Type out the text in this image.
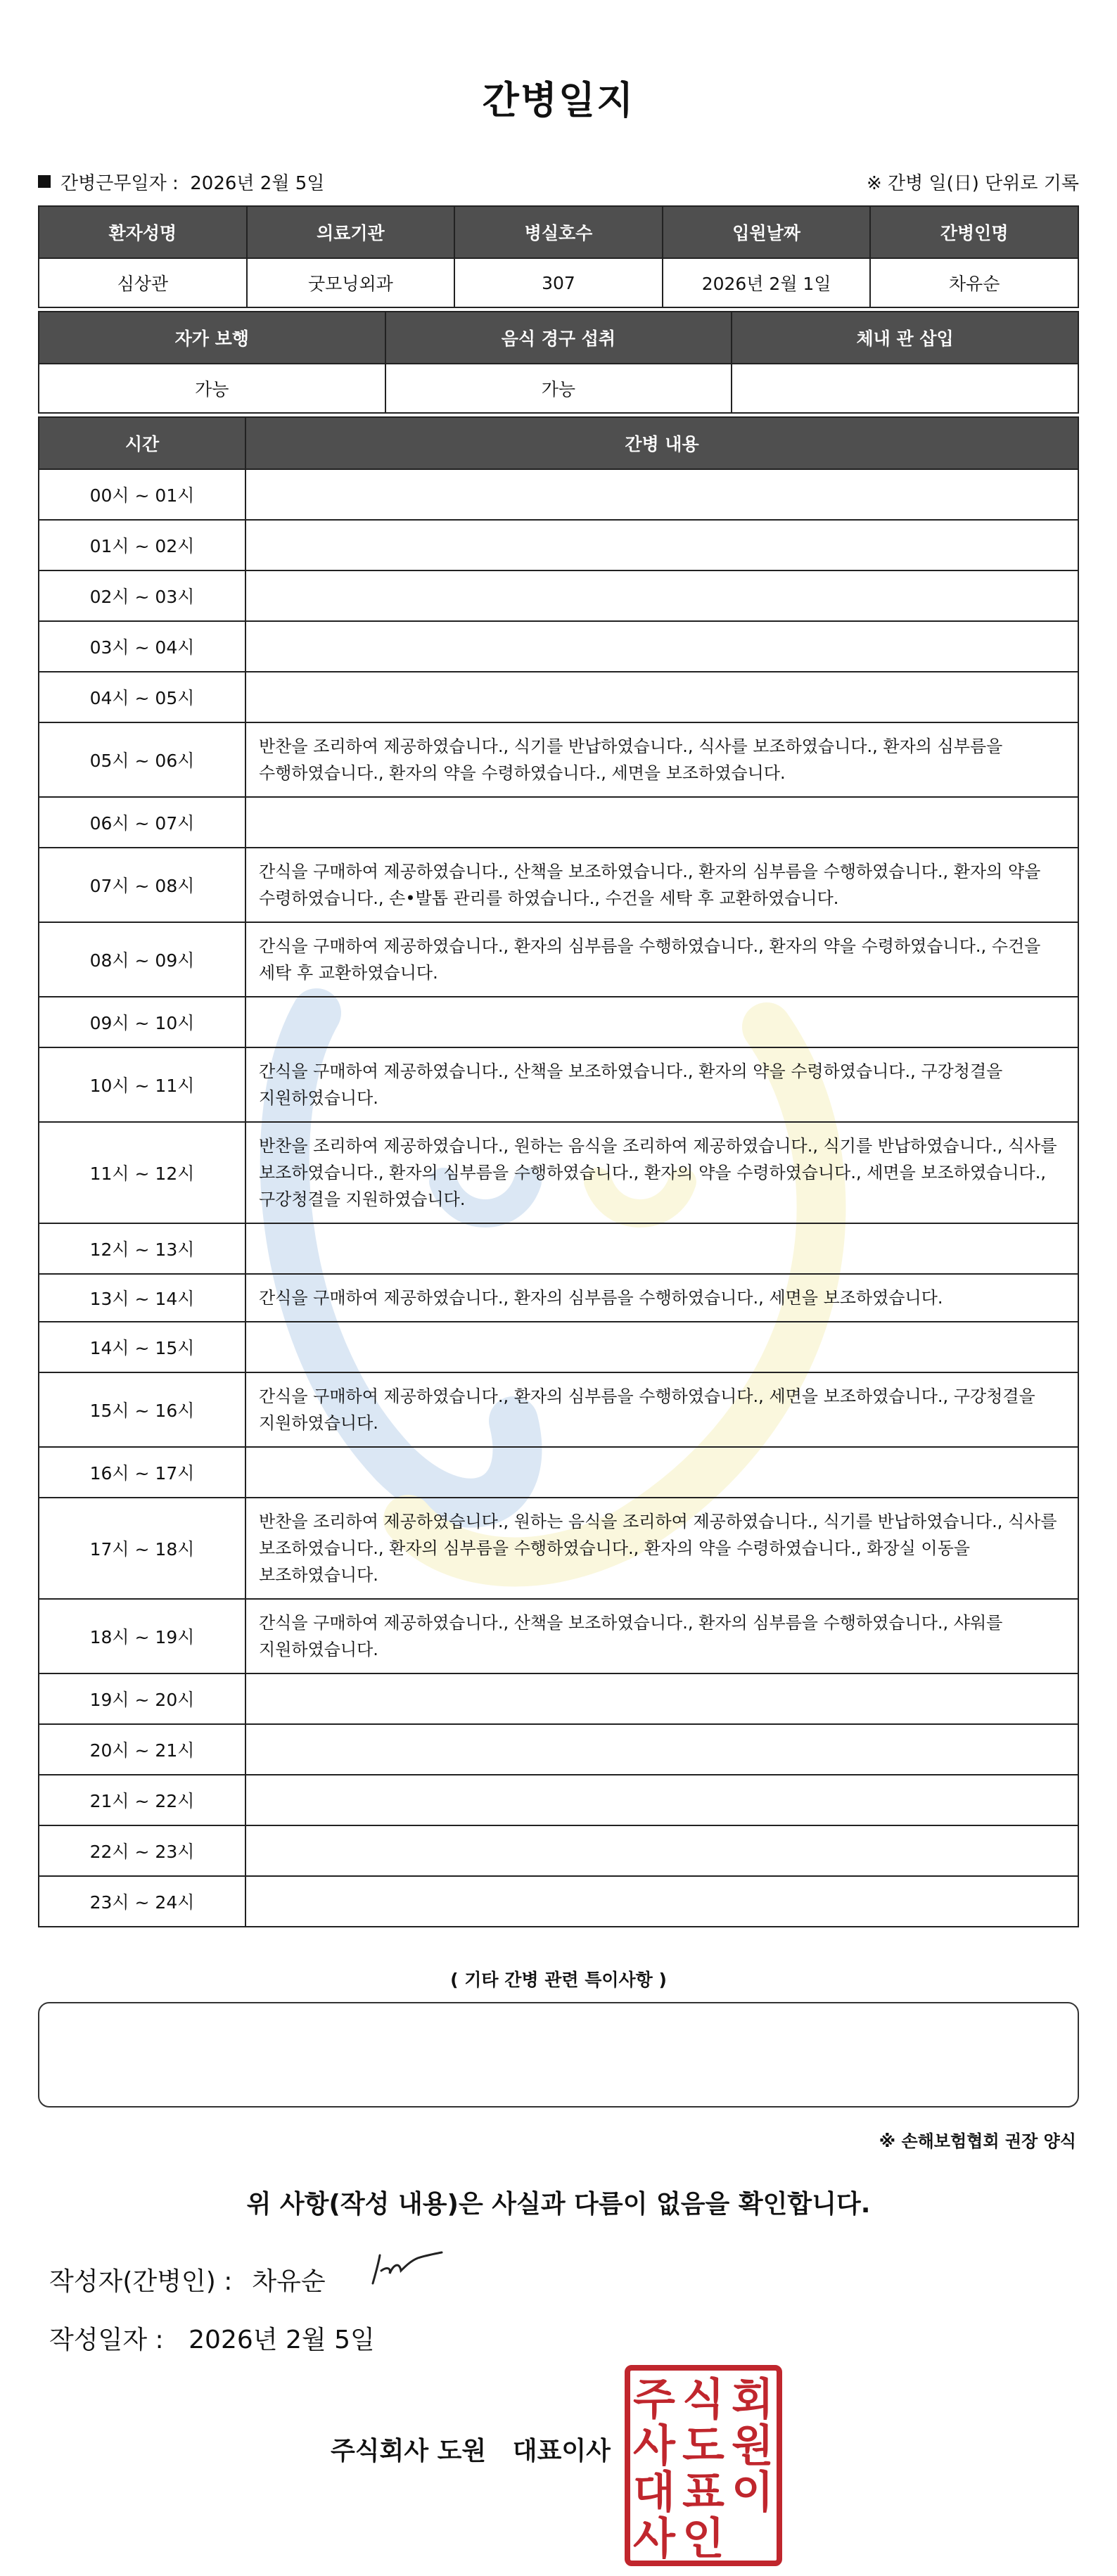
간병일지
간병근무일자 :  2026년 2월 5일	※ 간병 일(日) 단위로 기록
환자성명	의료기관	병실호수	입원날짜	간병인명
심상관	굿모닝외과	307	2026년 2월 1일	차유순
자가 보행	음식 경구 섭취	체내 관 삽입
가능	가능	
시간	간병 내용
00시 ~ 01시	
01시 ~ 02시	
02시 ~ 03시	
03시 ~ 04시	
04시 ~ 05시	
05시 ~ 06시	반찬을 조리하여 제공하였습니다., 식기를 반납하였습니다., 식사를 보조하였습니다., 환자의 심부름을 수행하였습니다., 환자의 약을 수령하였습니다., 세면을 보조하였습니다.
06시 ~ 07시	
07시 ~ 08시	간식을 구매하여 제공하였습니다., 산책을 보조하였습니다., 환자의 심부름을 수행하였습니다., 환자의 약을 수령하였습니다., 손•발톱 관리를 하였습니다., 수건을 세탁 후 교환하였습니다.
08시 ~ 09시	간식을 구매하여 제공하였습니다., 환자의 심부름을 수행하였습니다., 환자의 약을 수령하였습니다., 수건을 세탁 후 교환하였습니다.
09시 ~ 10시	
10시 ~ 11시	간식을 구매하여 제공하였습니다., 산책을 보조하였습니다., 환자의 약을 수령하였습니다., 구강청결을 지원하였습니다.
11시 ~ 12시	반찬을 조리하여 제공하였습니다., 원하는 음식을 조리하여 제공하였습니다., 식기를 반납하였습니다., 식사를 보조하였습니다., 환자의 심부름을 수행하였습니다., 환자의 약을 수령하였습니다., 세면을 보조하였습니다., 구강청결을 지원하였습니다.
12시 ~ 13시	
13시 ~ 14시	간식을 구매하여 제공하였습니다., 환자의 심부름을 수행하였습니다., 세면을 보조하였습니다.
14시 ~ 15시	
15시 ~ 16시	간식을 구매하여 제공하였습니다., 환자의 심부름을 수행하였습니다., 세면을 보조하였습니다., 구강청결을 지원하였습니다.
16시 ~ 17시	
17시 ~ 18시	반찬을 조리하여 제공하였습니다., 원하는 음식을 조리하여 제공하였습니다., 식기를 반납하였습니다., 식사를 보조하였습니다., 환자의 심부름을 수행하였습니다., 환자의 약을 수령하였습니다., 화장실 이동을 보조하였습니다.
18시 ~ 19시	간식을 구매하여 제공하였습니다., 산책을 보조하였습니다., 환자의 심부름을 수행하였습니다., 샤워를 지원하였습니다.
19시 ~ 20시	
20시 ~ 21시	
21시 ~ 22시	
22시 ~ 23시	
23시 ~ 24시	
( 기타 간병 관련 특이사항 )
※ 손해보험협회 권장 양식
위 사항(작성 내용)은 사실과 다름이 없음을 확인합니다.
작성자(간병인) : 차유순
작성일자 : 2026년 2월 5일
주식회사 도원   대표이사
주 식 회
사 도 원
대 표 이
사 인
